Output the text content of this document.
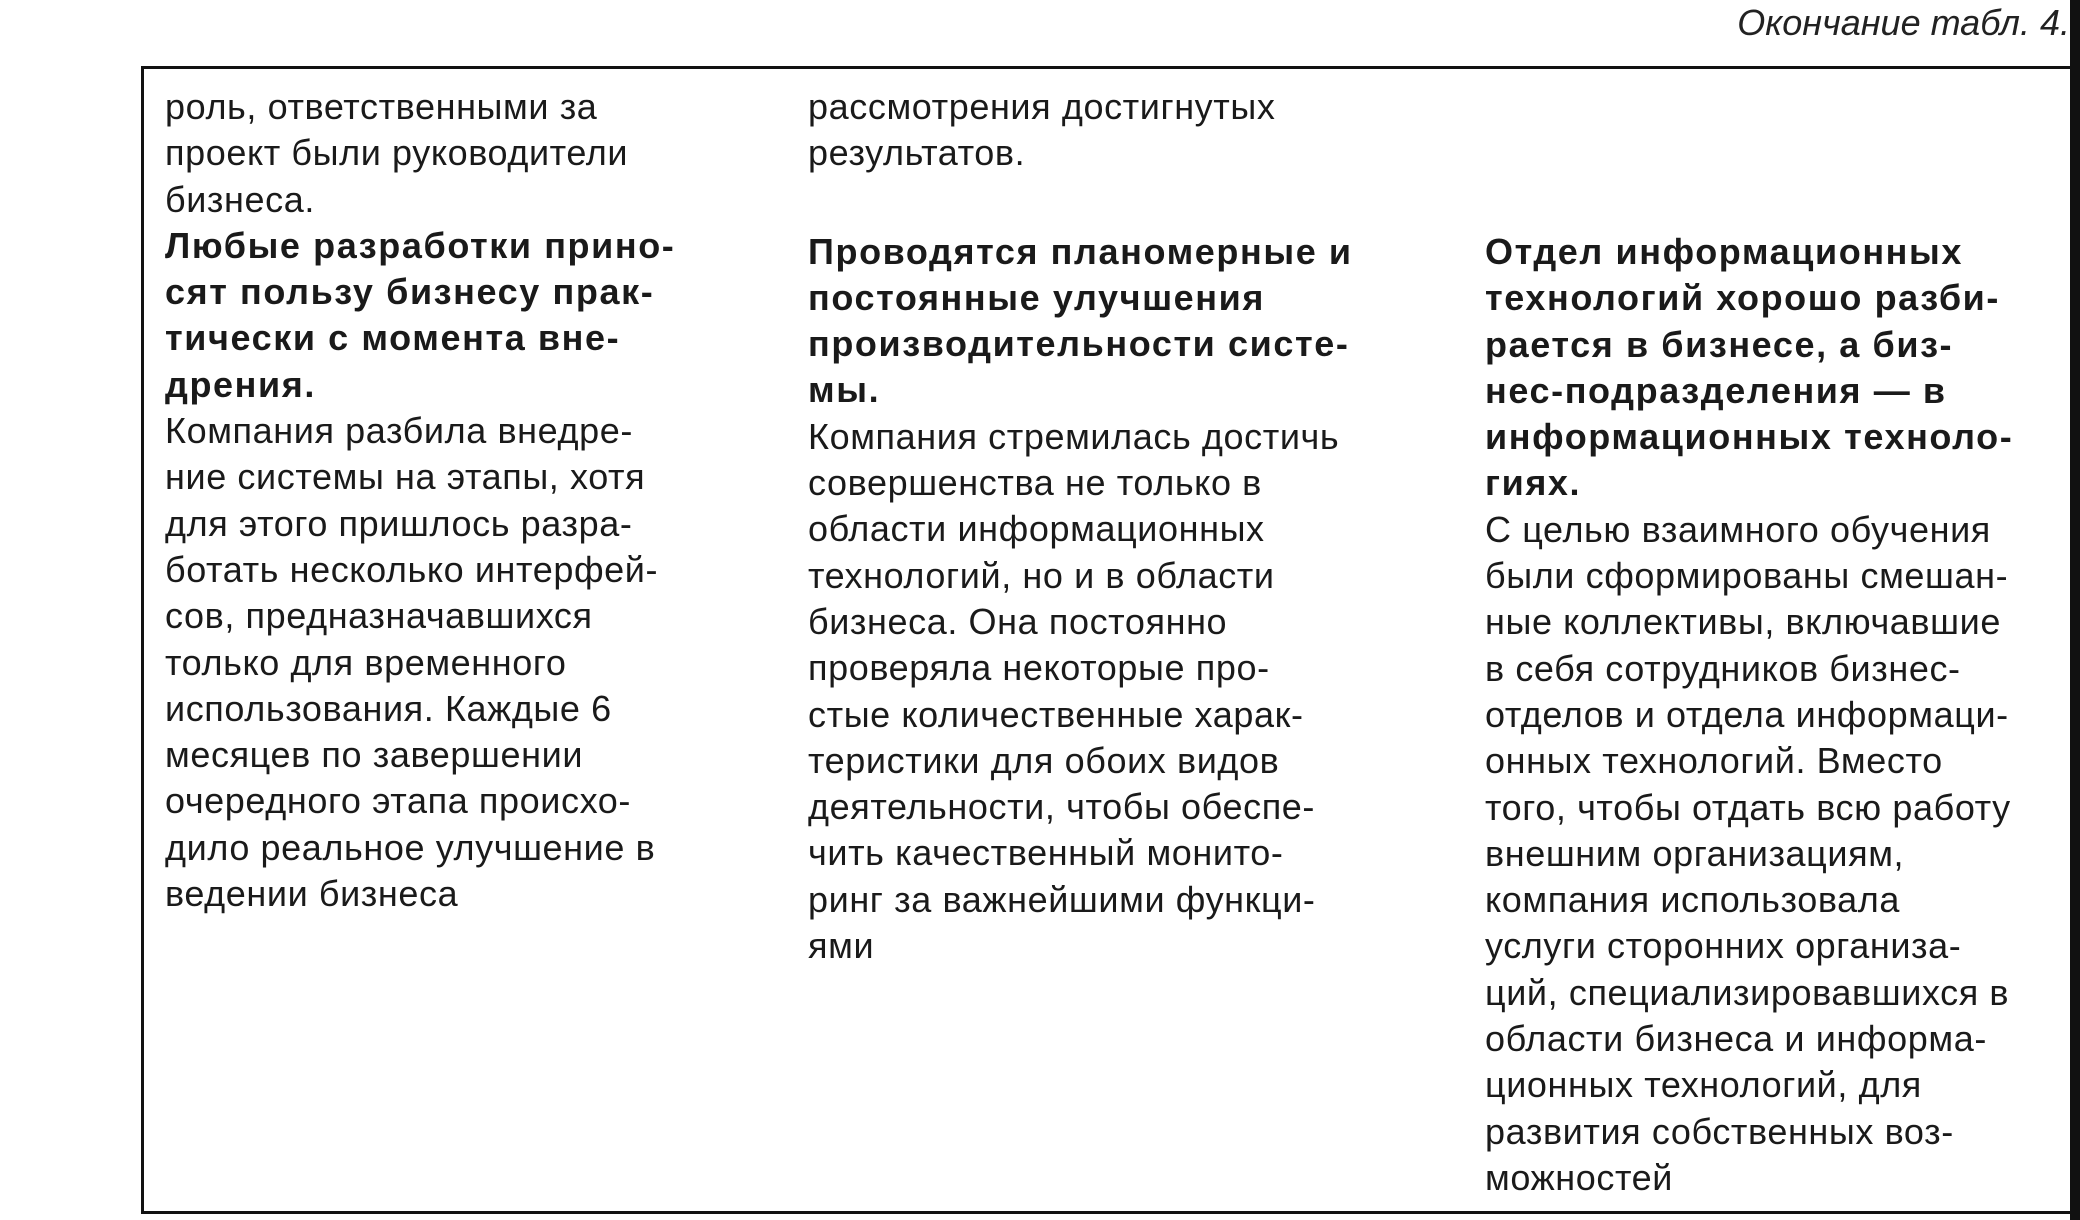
Окончание табл. 4.

роль, ответственными за

проект были руководители

бизнеса.

Любые разработки прино-

сят пользу бизнесу прак-

тически с момента вне-

дрения.

Компания разбила внедре-

ние системы на этапы, хотя

для этого пришлось разра-

ботать несколько интерфей-

сов, предназначавшихся

только для временного

использования. Каждые 6

месяцев по завершении

очередного этапа происхо-

дило реальное улучшение в

ведении бизнеса

рассмотрения достигнутых

результатов.

Проводятся планомерные и

постоянные улучшения

производительности систе-

мы.

Компания стремилась достичь

совершенства не только в

области информационных

технологий, но и в области

бизнеса. Она постоянно

проверяла некоторые про-

стые количественные харак-

теристики для обоих видов

деятельности, чтобы обеспе-

чить качественный монито-

ринг за важнейшими функци-

ями

Отдел информационных

технологий хорошо разби-

рается в бизнесе, а биз-

нес-подразделения — в

информационных техноло-

гиях.

С целью взаимного обучения

были сформированы смешан-

ные коллективы, включавшие

в себя сотрудников бизнес-

отделов и отдела информаци-

онных технологий. Вместо

того, чтобы отдать всю работу

внешним организациям,

компания использовала

услуги сторонних организа-

ций, специализировавшихся в

области бизнеса и информа-

ционных технологий, для

развития собственных воз-

можностей
